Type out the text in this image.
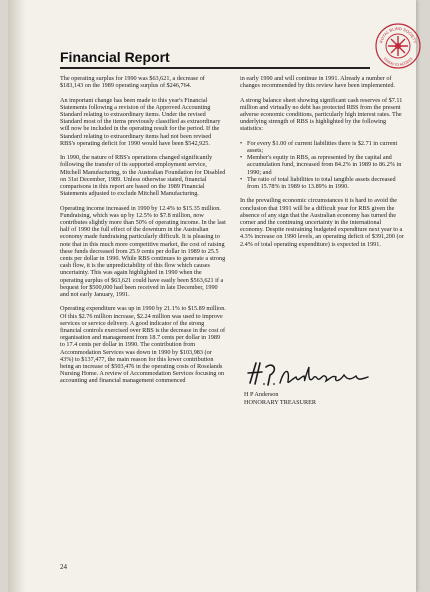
Financial Report
ROYAL BLIND SOCIETY
VISION TO ACCESS

The operating surplus for 1990 was $63,621, a decrease of $183,143 on the 1989 operating surplus of $246,764.

An important change has been made to this year's Financial Statements following a revision of the Approved Accounting Standard relating to extraordinary items. Under the revised Standard most of the items previously classified as extraordinary will now be included in the operating result for the period. If the Standard relating to extraordinary items had not been revised RBS's operating deficit for 1990 would have been $542,925.

In 1990, the nature of RBS's operations changed significantly following the transfer of its supported employment service, Mitchell Manufacturing, to the Australian Foundation for Disabled on 31st December, 1989. Unless otherwise stated, financial comparisons in this report are based on the 1989 Financial Statements adjusted to exclude Mitchell Manufacturing.

Operating income increased in 1990 by 12.4% to $15.35 million. Fundraising, which was up by 12.5% to $7.8 million, now contributes slightly more than 50% of operating income. In the last half of 1990 the full effect of the downturn in the Australian economy made fundraising particularly difficult. It is pleasing to note that in this much more competitive market, the cost of raising these funds decreased from 25.9 cents per dollar in 1989 to 25.5 cents per dollar in 1990. While RBS continues to generate a strong cash flow, it is the unpredictability of this flow which causes uncertainty. This was again highlighted in 1990 when the operating surplus of $63,621 could have easily been $563,621 if a bequest for $500,000 had been received in late December, 1990 and not early January, 1991.

Operating expenditure was up in 1990 by 21.1% to $15.89 million. Of this $2.76 million increase, $2.24 million was used to improve services or service delivery. A good indicator of the strong financial controls exercised over RBS is the decrease in the cost of organisation and management from 18.7 cents per dollar in 1989 to 17.4 cents per dollar in 1990. The contribution from Accommodation Services was down in 1990 by $103,983 (or 43%) to $137,477, the main reason for this lower contribution being an increase of $503,476 in the operating costs of Roselands Nursing Home. A review of Accommodation Services focusing on accounting and financial management commenced

in early 1990 and will continue in 1991. Already a number of changes recommended by this review have been implemented.

A strong balance sheet showing significant cash reserves of $7.11 million and virtually no debt has protected RBS from the present adverse economic conditions, particularly high interest rates. The underlying strength of RBS is highlighted by the following statistics:

• For every $1.00 of current liabilities there is $2.71 in current assets;
• Member's equity in RBS, as represented by the capital and accumulation fund, increased from 84.2% in 1989 to 86.2% in 1990; and
• The ratio of total liabilities to total tangible assets decreased from 15.78% in 1989 to 13.89% in 1990.

In the prevailing economic circumstances it is hard to avoid the conclusion that 1991 will be a difficult year for RBS given the absence of any sign that the Australian economy has turned the corner and the continuing uncertainty in the international economy. Despite restraining budgeted expenditure next year to a 4.3% increase on 1990 levels, an operating deficit of $391,200 (or 2.4% of total operating expenditure) is expected in 1991.

H P Anderson
HONORARY TREASURER
24
